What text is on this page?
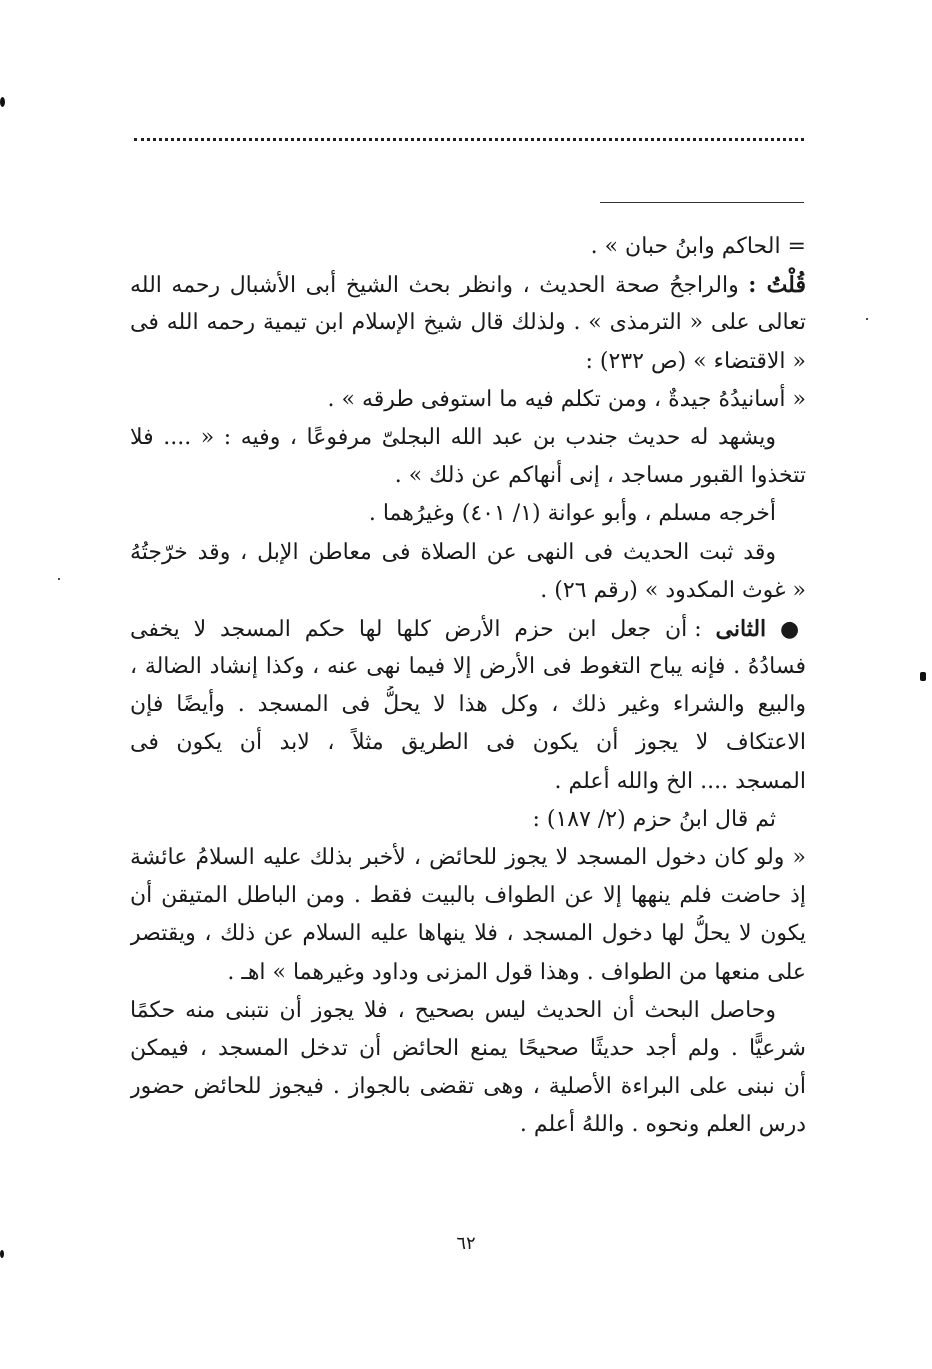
= الحاكم وابنُ حبان » .
قُلْتُ : والراجحُ صحة الحديث ، وانظر بحث الشيخ أبى الأشبال رحمه الله
تعالى على « الترمذى » . ولذلك قال شيخ الإسلام ابن تيمية رحمه الله فى
« الاقتضاء » (ص ٢٣٢) :
« أسانيدُهُ جيدةٌ ، ومن تكلم فيه ما استوفى طرقه » .
ويشهد له حديث جندب بن عبد الله البجلىّ مرفوعًا ، وفيه : « .... فلا
تتخذوا القبور مساجد ، إنى أنهاكم عن ذلك » .
أخرجه مسلم ، وأبو عوانة (١/ ٤٠١) وغيرُهما .
وقد ثبت الحديث فى النهى عن الصلاة فى معاطن الإبل ، وقد خرّجتُهُ
« غوث المكدود » (رقم ٢٦) .
● الثانى : أن جعل ابن حزم الأرض كلها لها حكم المسجد لا يخفى
فسادُهُ . فإنه يباح التغوط فى الأرض إلا فيما نهى عنه ، وكذا إنشاد الضالة ،
والبيع والشراء وغير ذلك ، وكل هذا لا يحلُّ فى المسجد . وأيضًا فإن
الاعتكاف لا يجوز أن يكون فى الطريق مثلاً ، لابد أن يكون فى
المسجد .... الخ والله أعلم .
ثم قال ابنُ حزم (٢/ ١٨٧) :
« ولو كان دخول المسجد لا يجوز للحائض ، لأخبر بذلك عليه السلامُ عائشة
إذ حاضت فلم ينهها إلا عن الطواف بالبيت فقط . ومن الباطل المتيقن أن
يكون لا يحلُّ لها دخول المسجد ، فلا ينهاها عليه السلام عن ذلك ، ويقتصر
على منعها من الطواف . وهذا قول المزنى وداود وغيرهما » اهـ .
وحاصل البحث أن الحديث ليس بصحيح ، فلا يجوز أن نتبنى منه حكمًا
شرعيًّا . ولم أجد حديثًا صحيحًا يمنع الحائض أن تدخل المسجد ، فيمكن
أن نبنى على البراءة الأصلية ، وهى تقضى بالجواز . فيجوز للحائض حضور
درس العلم ونحوه . واللهُ أعلم .
٦٢
